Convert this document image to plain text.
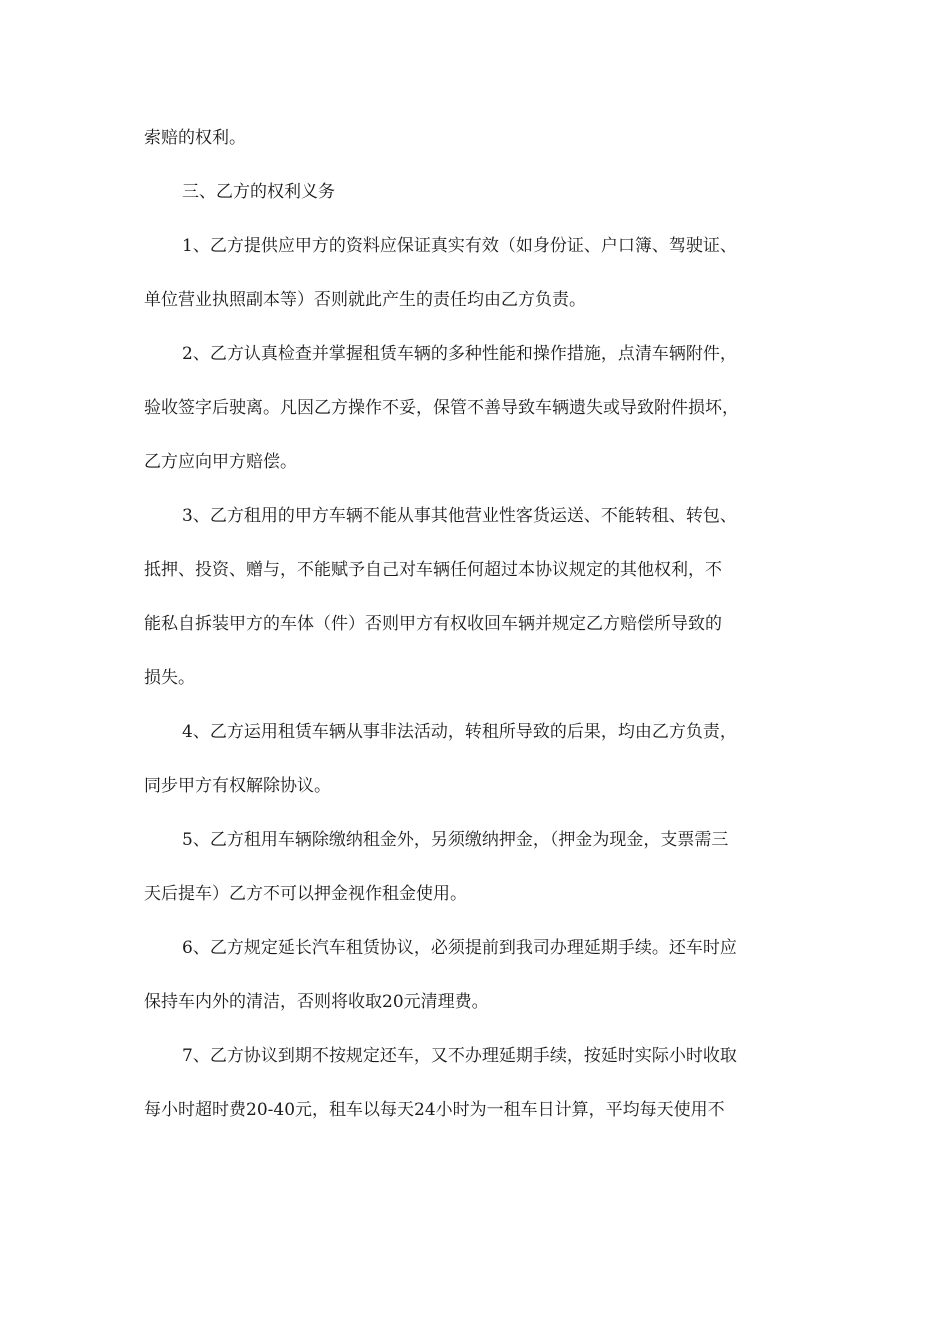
索赔的权利。
三、乙方的权利义务
1、乙方提供应甲方的资料应保证真实有效（如身份证、户口簿、驾驶证、
单位营业执照副本等）否则就此产生的责任均由乙方负责。
2、乙方认真检查并掌握租赁车辆的多种性能和操作措施，点清车辆附件，
验收签字后驶离。凡因乙方操作不妥，保管不善导致车辆遗失或导致附件损坏，
乙方应向甲方赔偿。
3、乙方租用的甲方车辆不能从事其他营业性客货运送、不能转租、转包、
抵押、投资、赠与，不能赋予自己对车辆任何超过本协议规定的其他权利，不
能私自拆装甲方的车体（件）否则甲方有权收回车辆并规定乙方赔偿所导致的
损失。
4、乙方运用租赁车辆从事非法活动，转租所导致的后果，均由乙方负责，
同步甲方有权解除协议。
5、乙方租用车辆除缴纳租金外，另须缴纳押金，（押金为现金，支票需三
天后提车）乙方不可以押金视作租金使用。
6、乙方规定延长汽车租赁协议，必须提前到我司办理延期手续。还车时应
保持车内外的清洁，否则将收取20元清理费。
7、乙方协议到期不按规定还车，又不办理延期手续，按延时实际小时收取
每小时超时费20-40元，租车以每天24小时为一租车日计算，平均每天使用不
